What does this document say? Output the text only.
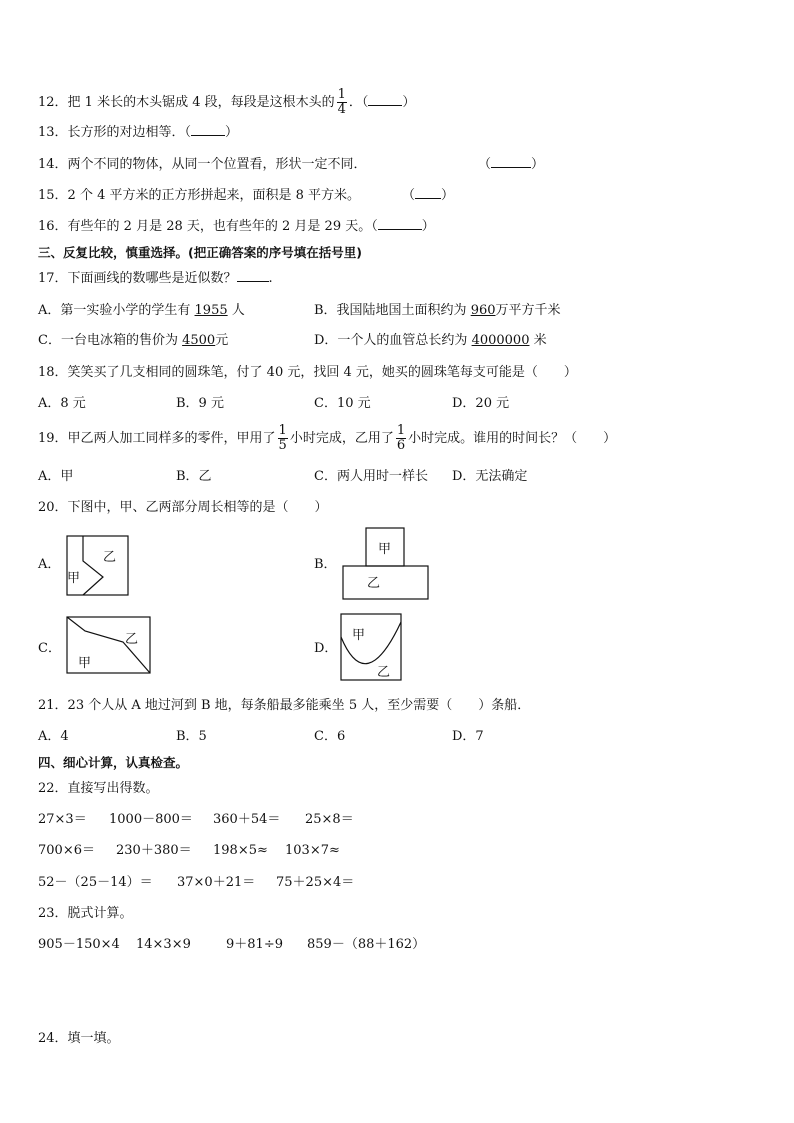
12．把 1 米长的木头锯成 4 段，每段是这根木头的 $\frac{1}{4}$ ．（	）
13．长方形的对边相等．（	）
14．两个不同的物体，从同一个位置看，形状一定不同．	（	）
15．2 个 4 平方米的正方形拼起来，面积是 8 平方米。	（ ）
16．有些年的 2 月是 28 天，也有些年的 2 月是 29 天。（	）
三、反复比较，慎重选择。(把正确答案的序号填在括号里)
17．下面画线的数哪些是近似数？ .
A．第一实验小学的学生有 1955 人	B．我国陆地国土面积约为 960万平方千米
C．一台电冰箱的售价为 4500元	D．一个人的血管总长约为 4000000 米
18．笑笑买了几支相同的圆珠笔，付了 40 元，找回 4 元，她买的圆珠笔每支可能是（　　）
A．8 元	B．9 元	C．10 元	D．20 元
19．甲乙两人加工同样多的零件，甲用了 $\frac{1}{5}$ 小时完成，乙用了 $\frac{1}{6}$ 小时完成。谁用的时间长？（　　）
A．甲	B．乙	C．两人用时一样长 D．无法确定
20．下图中，甲、乙两部分周长相等的是（　　）
A．	乙
甲
B．
甲
乙
C．
乙
甲
D．
甲
乙
21．23 个人从 A 地过河到 B 地，每条船最多能乘坐 5 人，至少需要（　　）条船．
A．4	B．5	C．6	D．7
四、细心计算，认真检查。
22．直接写出得数。
27×3＝ 1000－800＝ 360＋54＝ 25×8＝
700×6＝ 230＋380＝ 198×5≈ 103×7≈
52－（25－14）＝ 37×0＋21＝ 75＋25×4＝
23．脱式计算。
905－150×4 14×3×9	9＋81÷9 859－（88＋162）
24．填一填。
